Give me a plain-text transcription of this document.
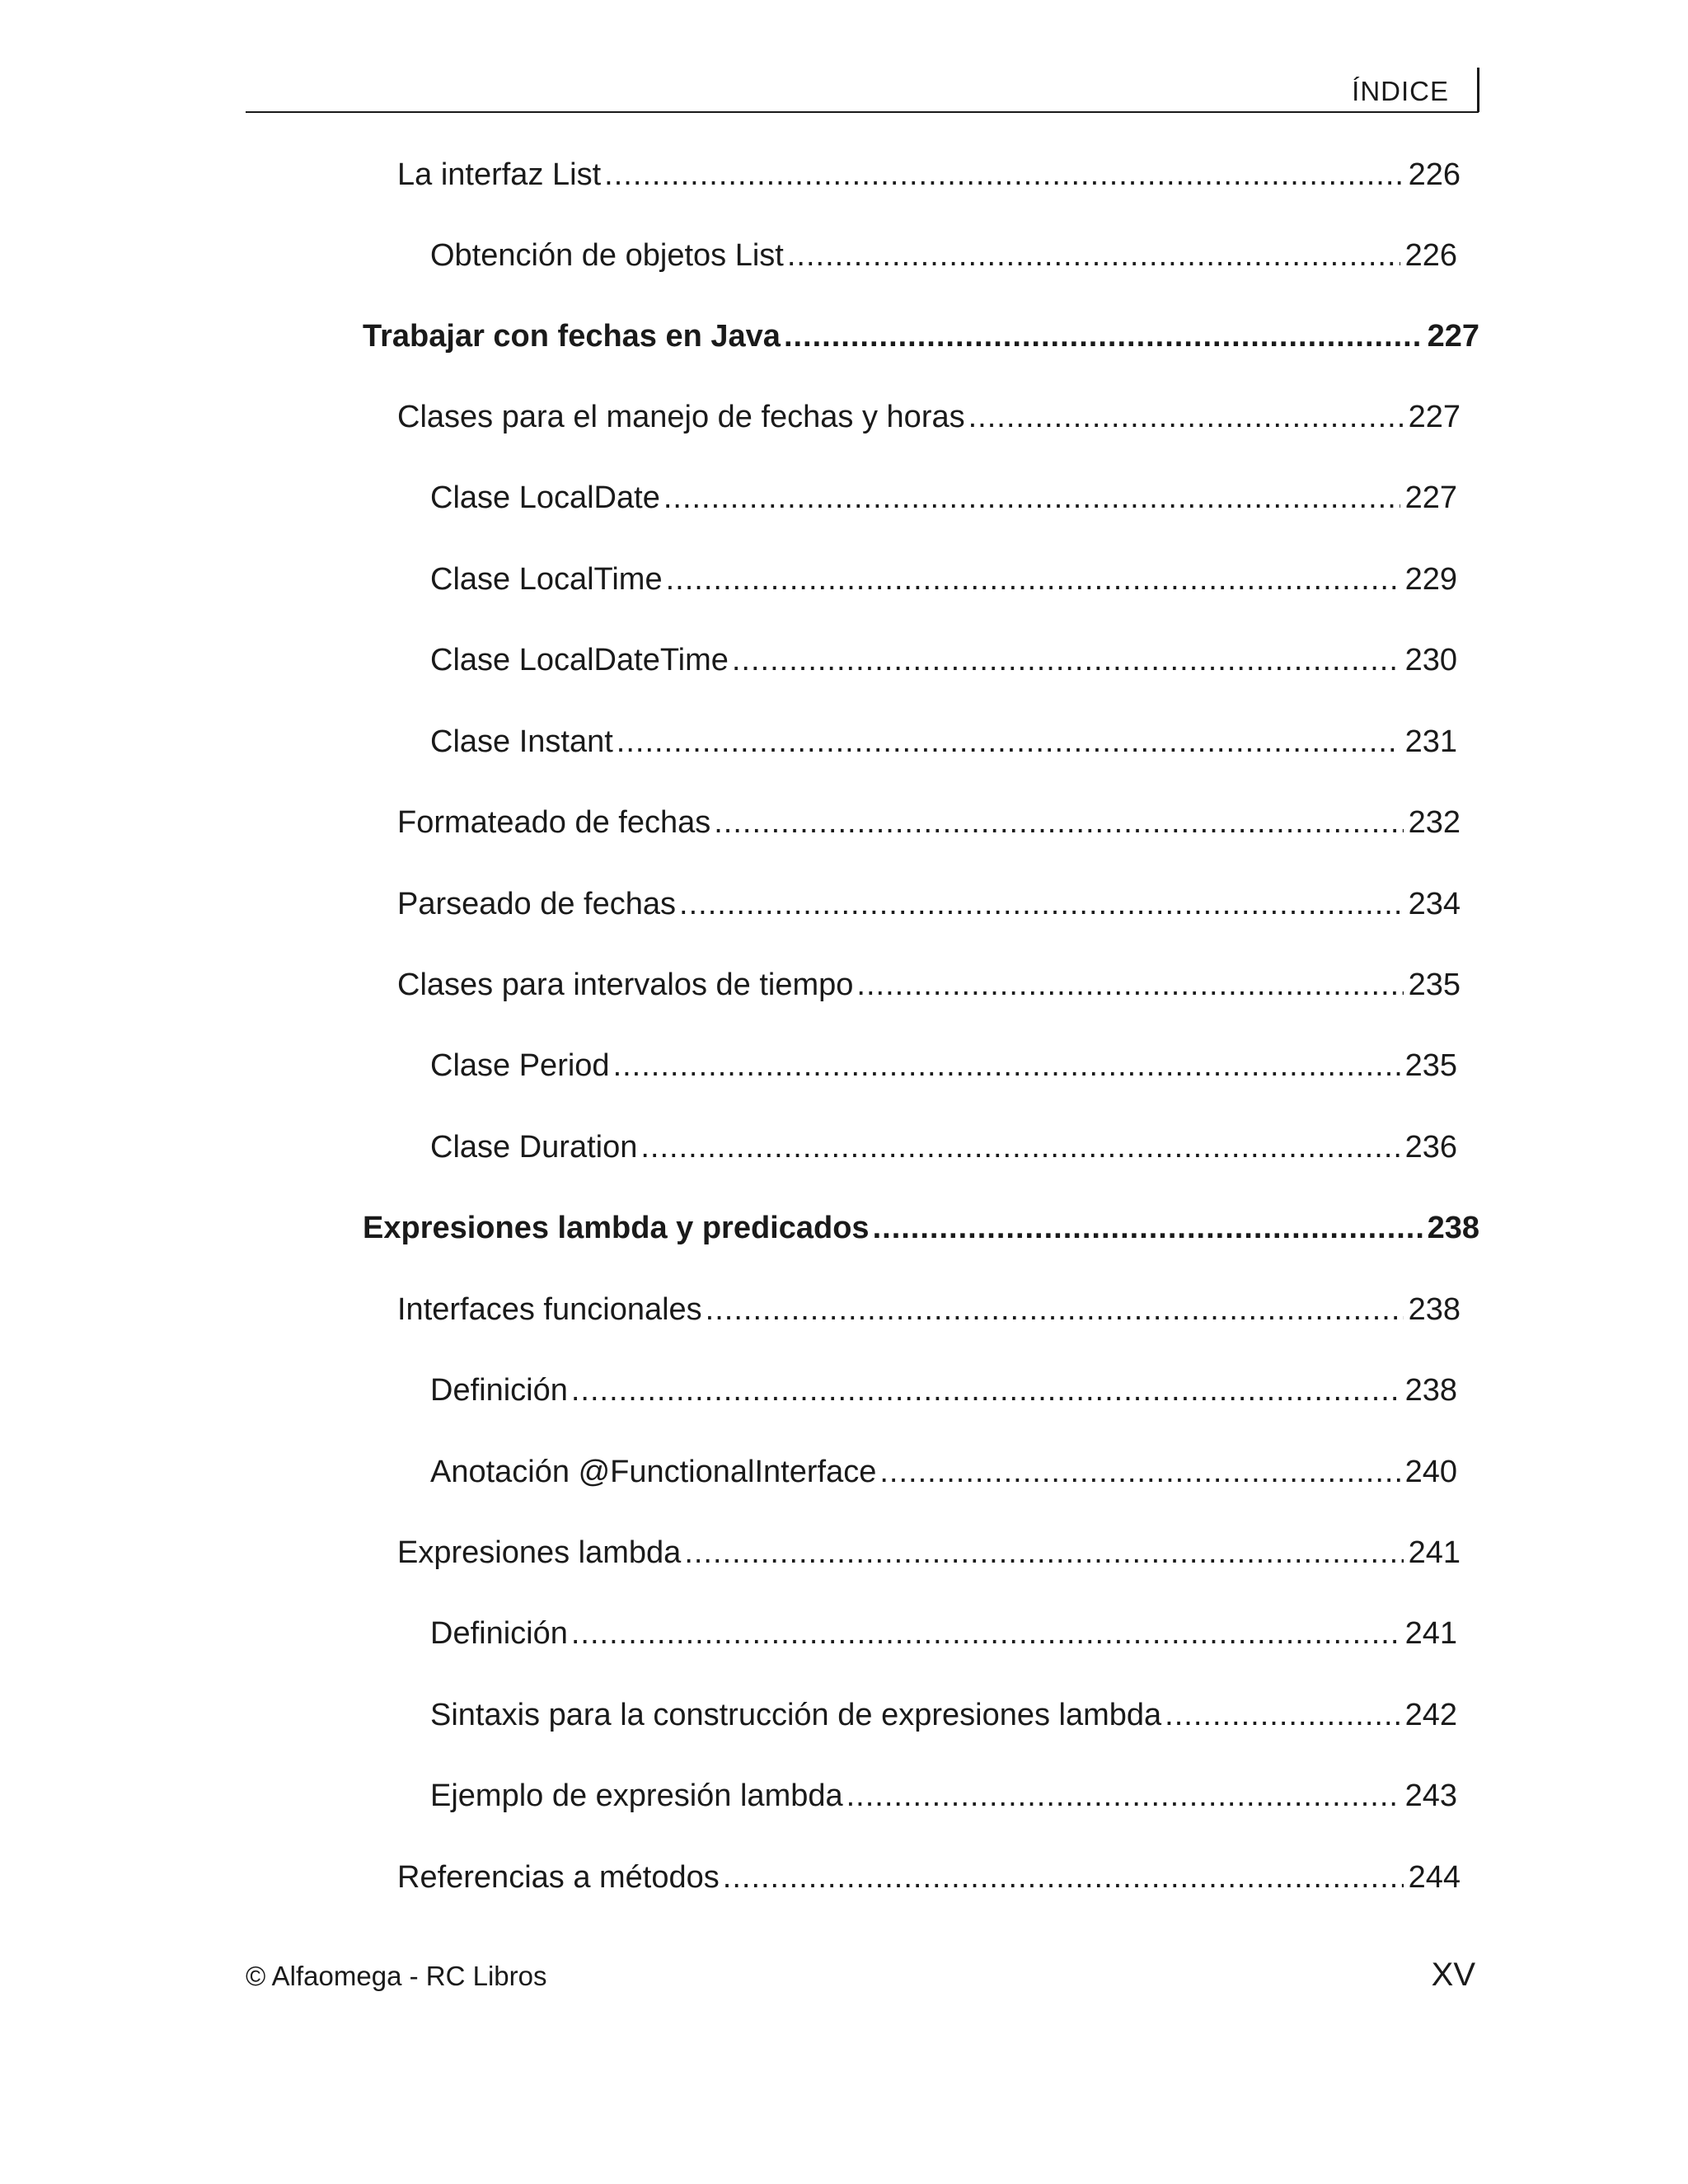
ÍNDICE
La interfaz List .....	226
Obtención de objetos List .....	226
Trabajar con fechas en Java .....	227
Clases para el manejo de fechas y horas .....	227
Clase LocalDate .....	227
Clase LocalTime .....	229
Clase LocalDateTime .....	230
Clase Instant .....	231
Formateado de fechas .....	232
Parseado de fechas .....	234
Clases para intervalos de tiempo .....	235
Clase Period .....	235
Clase Duration .....	236
Expresiones lambda y predicados .....	238
Interfaces funcionales .....	238
Definición .....	238
Anotación @FunctionalInterface .....	240
Expresiones lambda .....	241
Definición .....	241
Sintaxis para la construcción de expresiones lambda .....	242
Ejemplo de expresión lambda .....	243
Referencias a métodos .....	244
© Alfaomega - RC Libros	XV
